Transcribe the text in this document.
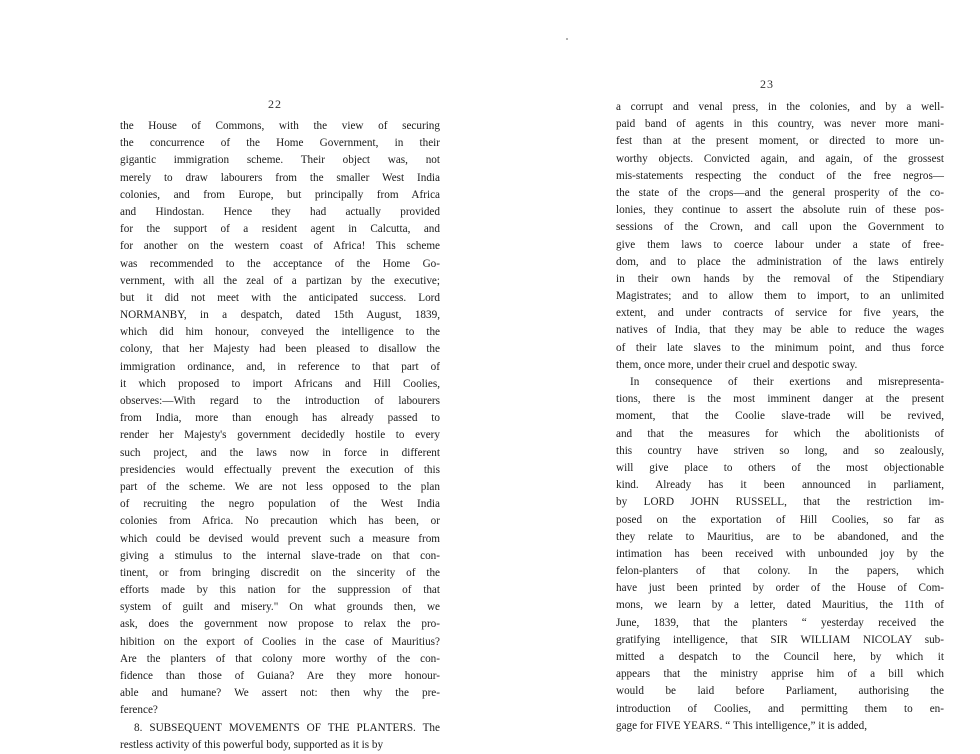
22
23
the House of Commons, with the view of securing
the concurrence of the Home Government, in their
gigantic immigration scheme. Their object was, not
merely to draw labourers from the smaller West India
colonies, and from Europe, but principally from Africa
and Hindostan. Hence they had actually provided
for the support of a resident agent in Calcutta, and
for another on the western coast of Africa! This scheme
was recommended to the acceptance of the Home Go-
vernment, with all the zeal of a partizan by the executive;
but it did not meet with the anticipated success. Lord
NORMANBY, in a despatch, dated 15th August, 1839,
which did him honour, conveyed the intelligence to the
colony, that her Majesty had been pleased to disallow the
immigration ordinance, and, in reference to that part of
it which proposed to import Africans and Hill Coolies,
observes:—With regard to the introduction of labourers
from India, more than enough has already passed to
render her Majesty's government decidedly hostile to every
such project, and the laws now in force in different
presidencies would effectually prevent the execution of this
part of the scheme. We are not less opposed to the plan
of recruiting the negro population of the West India
colonies from Africa. No precaution which has been, or
which could be devised would prevent such a measure from
giving a stimulus to the internal slave-trade on that con-
tinent, or from bringing discredit on the sincerity of the
efforts made by this nation for the suppression of that
system of guilt and misery." On what grounds then, we
ask, does the government now propose to relax the pro-
hibition on the export of Coolies in the case of Mauritius?
Are the planters of that colony more worthy of the con-
fidence than those of Guiana? Are they more honour-
able and humane? We assert not: then why the pre-
ference?
8. SUBSEQUENT MOVEMENTS OF THE PLANTERS. The
restless activity of this powerful body, supported as it is by
a corrupt and venal press, in the colonies, and by a well-
paid band of agents in this country, was never more mani-
fest than at the present moment, or directed to more un-
worthy objects. Convicted again, and again, of the grossest
mis-statements respecting the conduct of the free negros—
the state of the crops—and the general prosperity of the co-
lonies, they continue to assert the absolute ruin of these pos-
sessions of the Crown, and call upon the Government to
give them laws to coerce labour under a state of free-
dom, and to place the administration of the laws entirely
in their own hands by the removal of the Stipendiary
Magistrates; and to allow them to import, to an unlimited
extent, and under contracts of service for five years, the
natives of India, that they may be able to reduce the wages
of their late slaves to the minimum point, and thus force
them, once more, under their cruel and despotic sway.
In consequence of their exertions and misrepresenta-
tions, there is the most imminent danger at the present
moment, that the Coolie slave-trade will be revived,
and that the measures for which the abolitionists of
this country have striven so long, and so zealously,
will give place to others of the most objectionable
kind. Already has it been announced in parliament,
by LORD JOHN RUSSELL, that the restriction im-
posed on the exportation of Hill Coolies, so far as
they relate to Mauritius, are to be abandoned, and the
intimation has been received with unbounded joy by the
felon-planters of that colony. In the papers, which
have just been printed by order of the House of Com-
mons, we learn by a letter, dated Mauritius, the 11th of
June, 1839, that the planters “ yesterday received the
gratifying intelligence, that SIR WILLIAM NICOLAY sub-
mitted a despatch to the Council here, by which it
appears that the ministry apprise him of a bill which
would be laid before Parliament, authorising the
introduction of Coolies, and permitting them to en-
gage for FIVE YEARS. “ This intelligence,” it is added,
